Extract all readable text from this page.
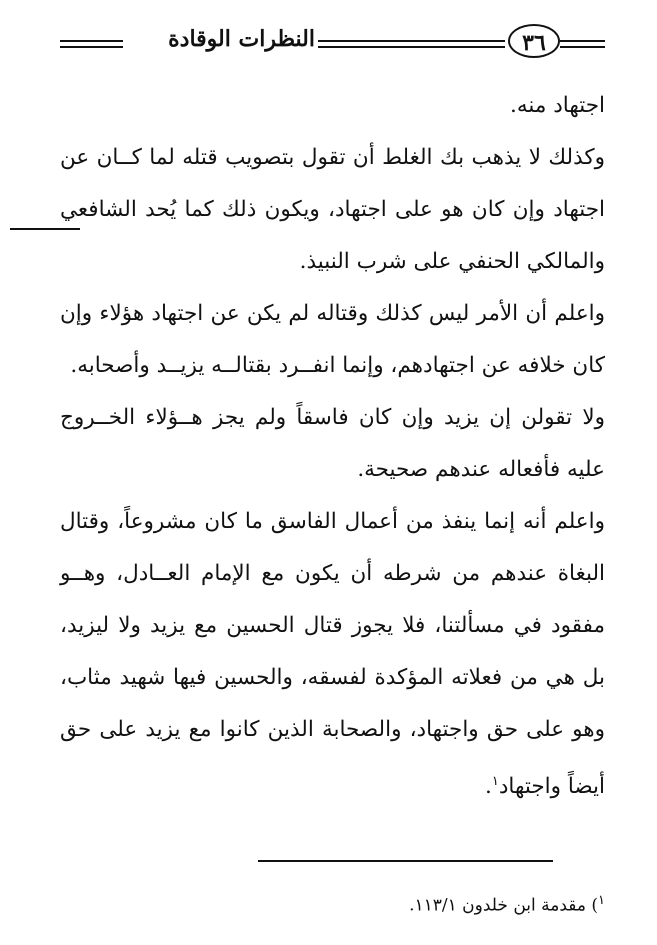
٣٦
النظرات الوقادة

اجتهاد منه.

وكذلك لا يذهب بك الغلط أن تقول بتصويب قتله لما كــان عن اجتهاد وإن كان هو على اجتهاد، ويكون ذلك كما يُحد الشافعي والمالكي الحنفي على شرب النبيذ.

واعلم أن الأمر ليس كذلك وقتاله لم يكن عن اجتهاد هؤلاء وإن كان خلافه عن اجتهادهم، وإنما انفــرد بقتالــه يزيــد وأصحابه.

ولا تقولن إن يزيد وإن كان فاسقاً ولم يجز هــؤلاء الخــروج عليه فأفعاله عندهم صحيحة.

واعلم أنه إنما ينفذ من أعمال الفاسق ما كان مشروعاً، وقتال البغاة عندهم من شرطه أن يكون مع الإمام العــادل، وهــو مفقود في مسألتنا، فلا يجوز قتال الحسين مع يزيد ولا ليزيد، بل هي من فعلاته المؤكدة لفسقه، والحسين فيها شهيد مثاب، وهو على حق واجتهاد، والصحابة الذين كانوا مع يزيد على حق أيضاً واجتهاد$^١$.

$^١$) مقدمة ابن خلدون ١١٣/١.
